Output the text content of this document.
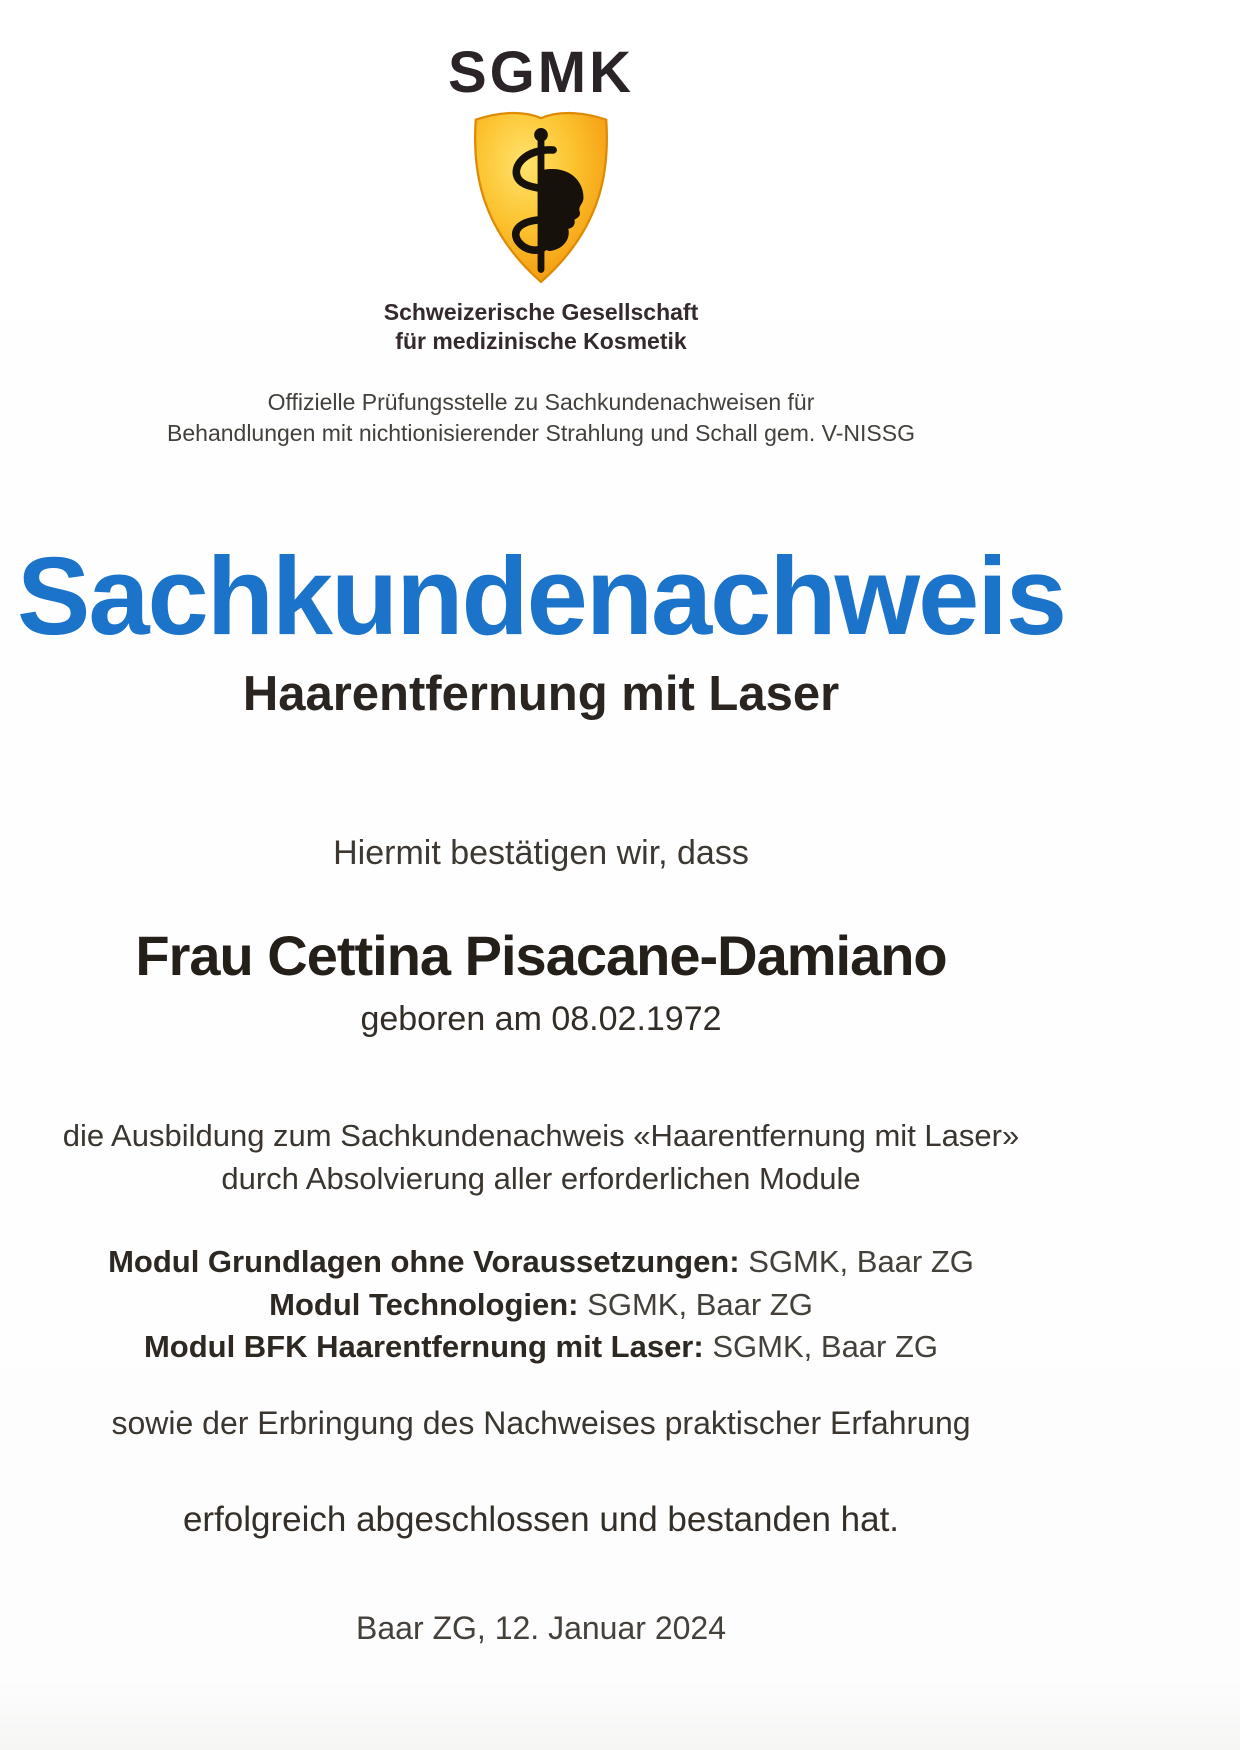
SGMK
Schweizerische Gesellschaft
für medizinische Kosmetik
Offizielle Prüfungsstelle zu Sachkundenachweisen für
Behandlungen mit nichtionisierender Strahlung und Schall gem. V-NISSG
Sachkundenachweis
Haarentfernung mit Laser
Hiermit bestätigen wir, dass
Frau Cettina Pisacane-Damiano
geboren am 08.02.1972
die Ausbildung zum Sachkundenachweis «Haarentfernung mit Laser»
durch Absolvierung aller erforderlichen Module
Modul Grundlagen ohne Voraussetzungen: SGMK, Baar ZG
Modul Technologien: SGMK, Baar ZG
Modul BFK Haarentfernung mit Laser: SGMK, Baar ZG
sowie der Erbringung des Nachweises praktischer Erfahrung
erfolgreich abgeschlossen und bestanden hat.
Baar ZG, 12. Januar 2024
